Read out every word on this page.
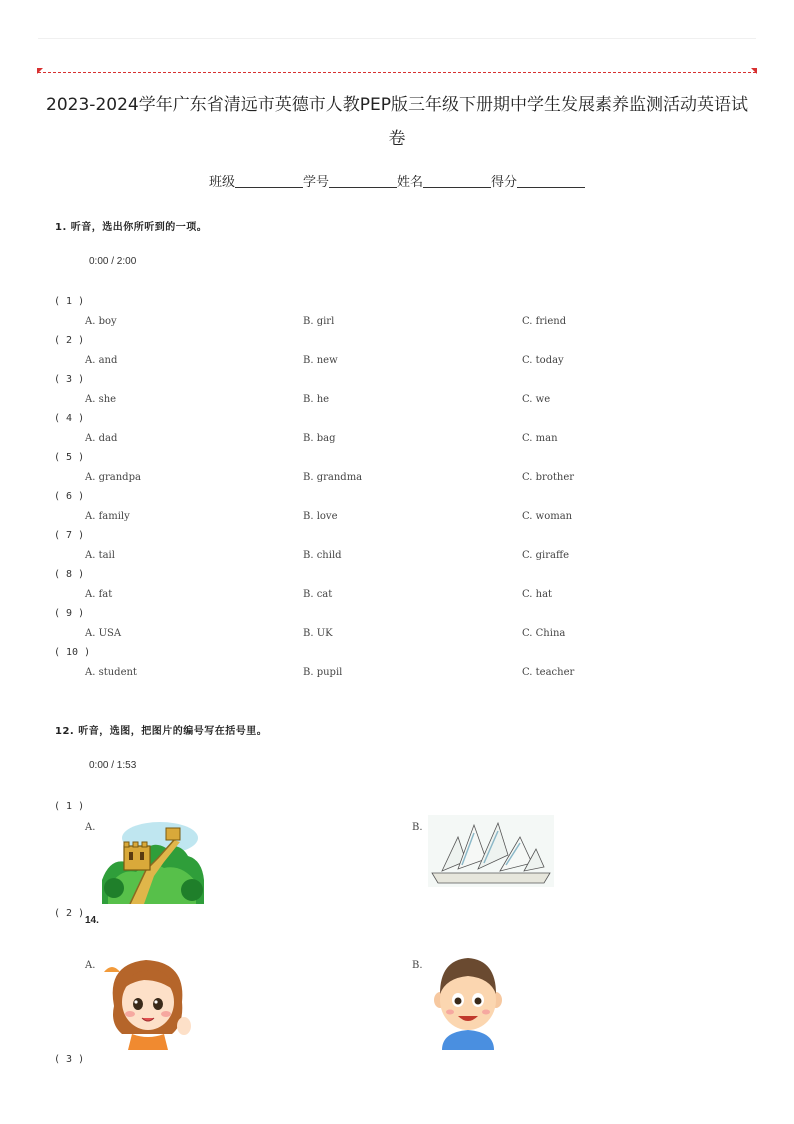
2023-2024学年广东省清远市英德市人教PEP版三年级下册期中学生发展素养监测活动英语试
卷
班级	学号	姓名	得分
1. 听音，选出你所听到的一项。
0:00 / 2:00
( 1 )
A. boy	B. girl	C. friend
( 2 )
A. and	B. new	C. today
( 3 )
A. she	B. he	C. we
( 4 )
A. dad	B. bag	C. man
( 5 )
A. grandpa	B. grandma	C. brother
( 6 )
A. family	B. love	C. woman
( 7 )
A. tail	B. child	C. giraffe
( 8 )
A. fat	B. cat	C. hat
( 9 )
A. USA	B. UK	C. China
( 10 )
A. student	B. pupil	C. teacher
12. 听音，选图，把图片的编号写在括号里。
0:00 / 1:53
( 1 )
A.	B.
( 2 )
14.
A.	B.
( 3 )
